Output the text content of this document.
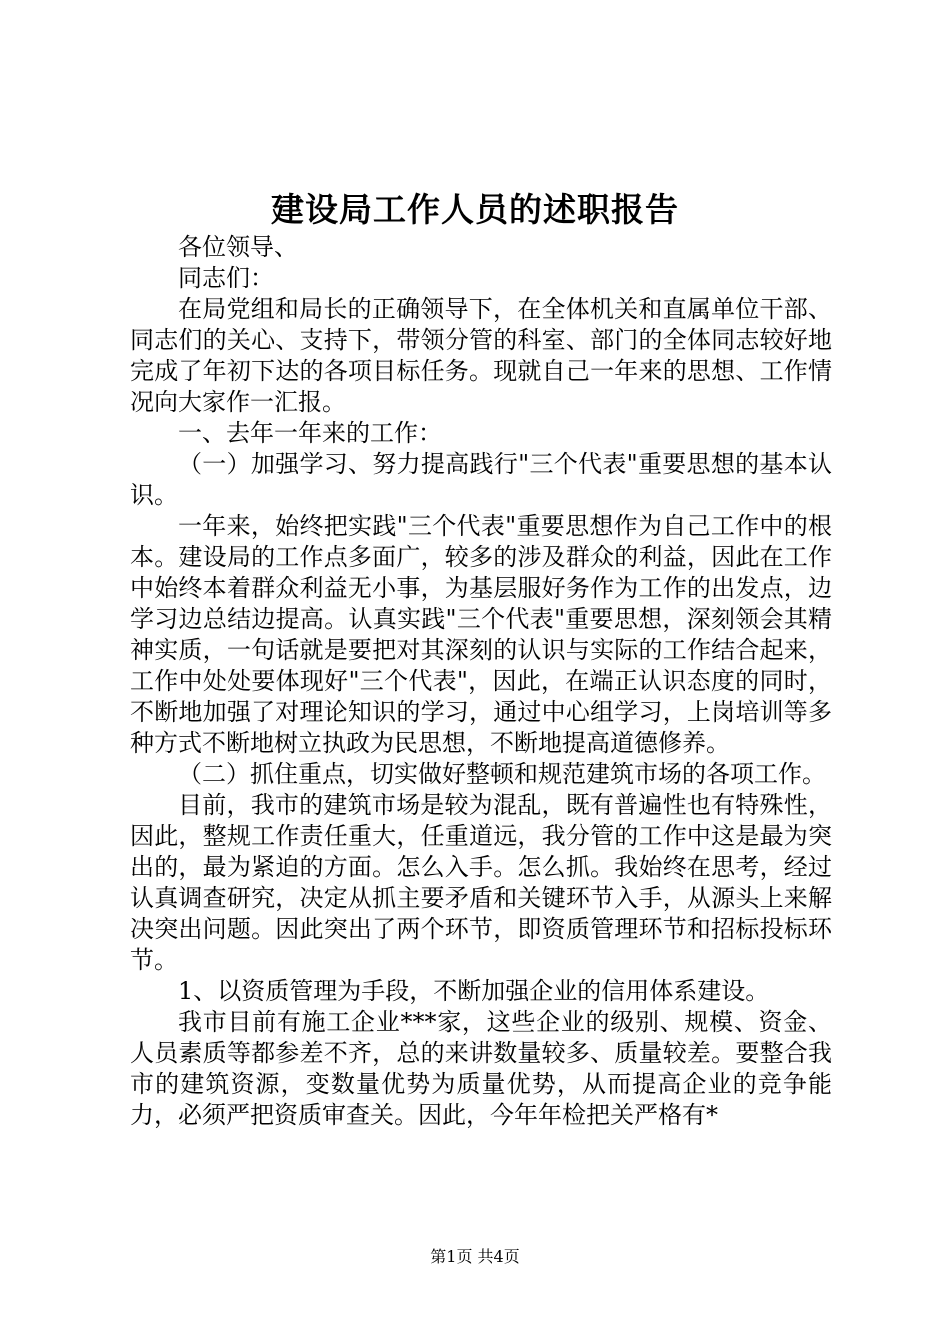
建设局工作人员的述职报告

各位领导、

同志们：

在局党组和局长的正确领导下，在全体机关和直属单位干部、同志们的关心、支持下，带领分管的科室、部门的全体同志较好地完成了年初下达的各项目标任务。现就自己一年来的思想、工作情况向大家作一汇报。

一、去年一年来的工作：

（一）加强学习、努力提高践行"三个代表"重要思想的基本认识。

一年来，始终把实践"三个代表"重要思想作为自己工作中的根本。建设局的工作点多面广，较多的涉及群众的利益，因此在工作中始终本着群众利益无小事，为基层服好务作为工作的出发点，边学习边总结边提高。认真实践"三个代表"重要思想，深刻领会其精神实质，一句话就是要把对其深刻的认识与实际的工作结合起来，工作中处处要体现好"三个代表"，因此，在端正认识态度的同时，不断地加强了对理论知识的学习，通过中心组学习，上岗培训等多种方式不断地树立执政为民思想，不断地提高道德修养。

（二）抓住重点，切实做好整顿和规范建筑市场的各项工作。

目前，我市的建筑市场是较为混乱，既有普遍性也有特殊性，因此，整规工作责任重大，任重道远，我分管的工作中这是最为突出的，最为紧迫的方面。怎么入手。怎么抓。我始终在思考，经过认真调查研究，决定从抓主要矛盾和关键环节入手，从源头上来解决突出问题。因此突出了两个环节，即资质管理环节和招标投标环节。

1、以资质管理为手段，不断加强企业的信用体系建设。

我市目前有施工企业***家，这些企业的级别、规模、资金、人员素质等都参差不齐，总的来讲数量较多、质量较差。要整合我市的建筑资源，变数量优势为质量优势，从而提高企业的竞争能力，必须严把资质审查关。因此，今年年检把关严格有*

第1页 共4页
